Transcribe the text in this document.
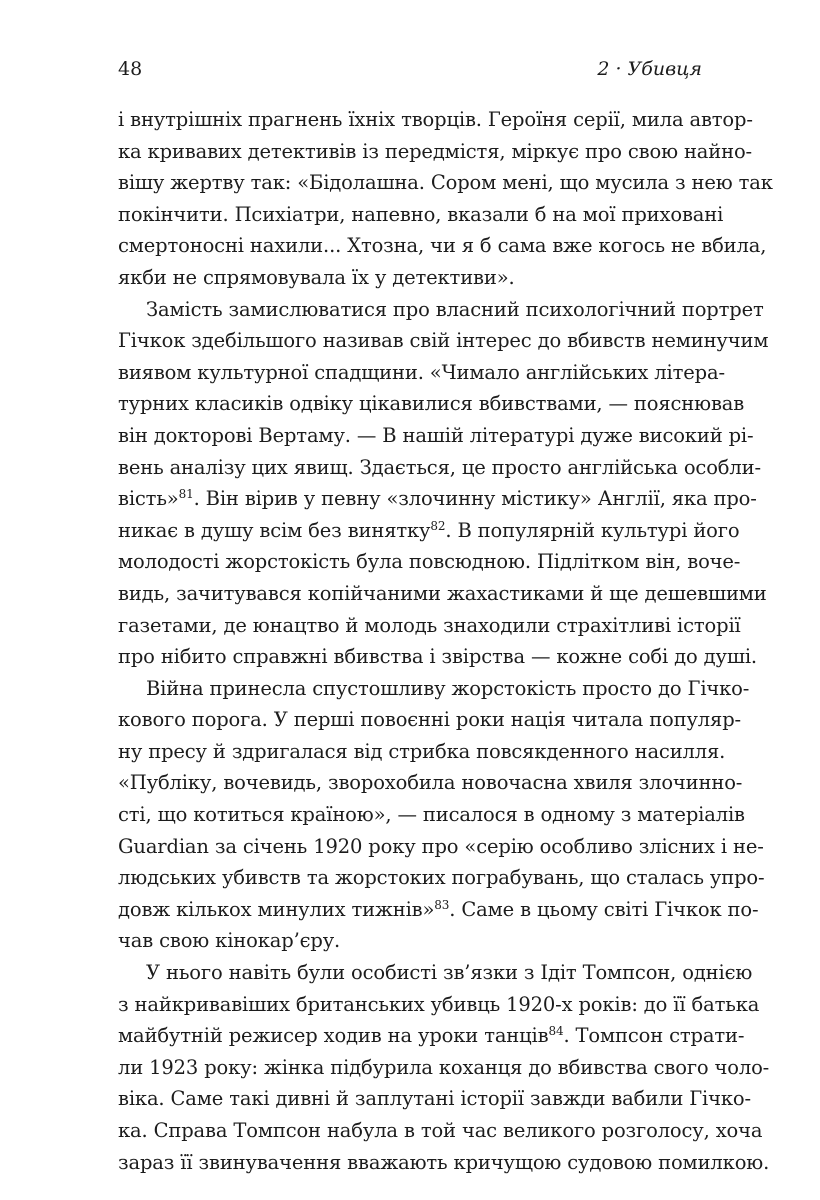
48	2 · Убивця
і внутрішніх прагнень їхніх творців. Героїня серії, мила автор-
ка кривавих детективів із передмістя, міркує про свою найно-
вішу жертву так: «Бідолашна. Сором мені, що мусила з нею так
покінчити. Психіатри, напевно, вказали б на мої приховані
смертоносні нахили... Хтозна, чи я б сама вже когось не вбила,
якби не спрямовувала їх у детективи».
Замість замислюватися про власний психологічний портрет
Гічкок здебільшого називав свій інтерес до вбивств неминучим
виявом культурної спадщини. «Чимало англійських літера-
турних класиків одвіку цікавилися вбивствами, — пояснював
він докторові Вертаму. — В нашій літературі дуже високий рі-
вень аналізу цих явищ. Здається, це просто англійська особли-
вість»$^{81}$. Він вірив у певну «злочинну містику» Англії, яка про-
никає в душу всім без винятку$^{82}$. В популярній культурі його
молодості жорстокість була повсюдною. Підлітком він, воче-
видь, зачитувався копійчаними жахастиками й ще дешевшими
газетами, де юнацтво й молодь знаходили страхітливі історії
про нібито справжні вбивства і звірства — кожне собі до душі.
Війна принесла спустошливу жорстокість просто до Гічко-
кового порога. У перші повоєнні роки нація читала популяр-
ну пресу й здригалася від стрибка повсякденного насилля.
«Публіку, вочевидь, зворохобила новочасна хвиля злочинно-
сті, що котиться країною», — писалося в одному з матеріалів
Guardian за січень 1920 року про «серію особливо злісних і не-
людських убивств та жорстоких пограбувань, що сталась упро-
довж кількох минулих тижнів»$^{83}$. Саме в цьому світі Гічкок по-
чав свою кінокар’єру.
У нього навіть були особисті зв’язки з Ідіт Томпсон, однією
з найкривавіших британських убивць 1920-х років: до її батька
майбутній режисер ходив на уроки танців$^{84}$. Томпсон страти-
ли 1923 року: жінка підбурила коханця до вбивства свого чоло-
віка. Саме такі дивні й заплутані історії завжди вабили Гічко-
ка. Справа Томпсон набула в той час великого розголосу, хоча
зараз її звинувачення вважають кричущою судовою помилкою.
